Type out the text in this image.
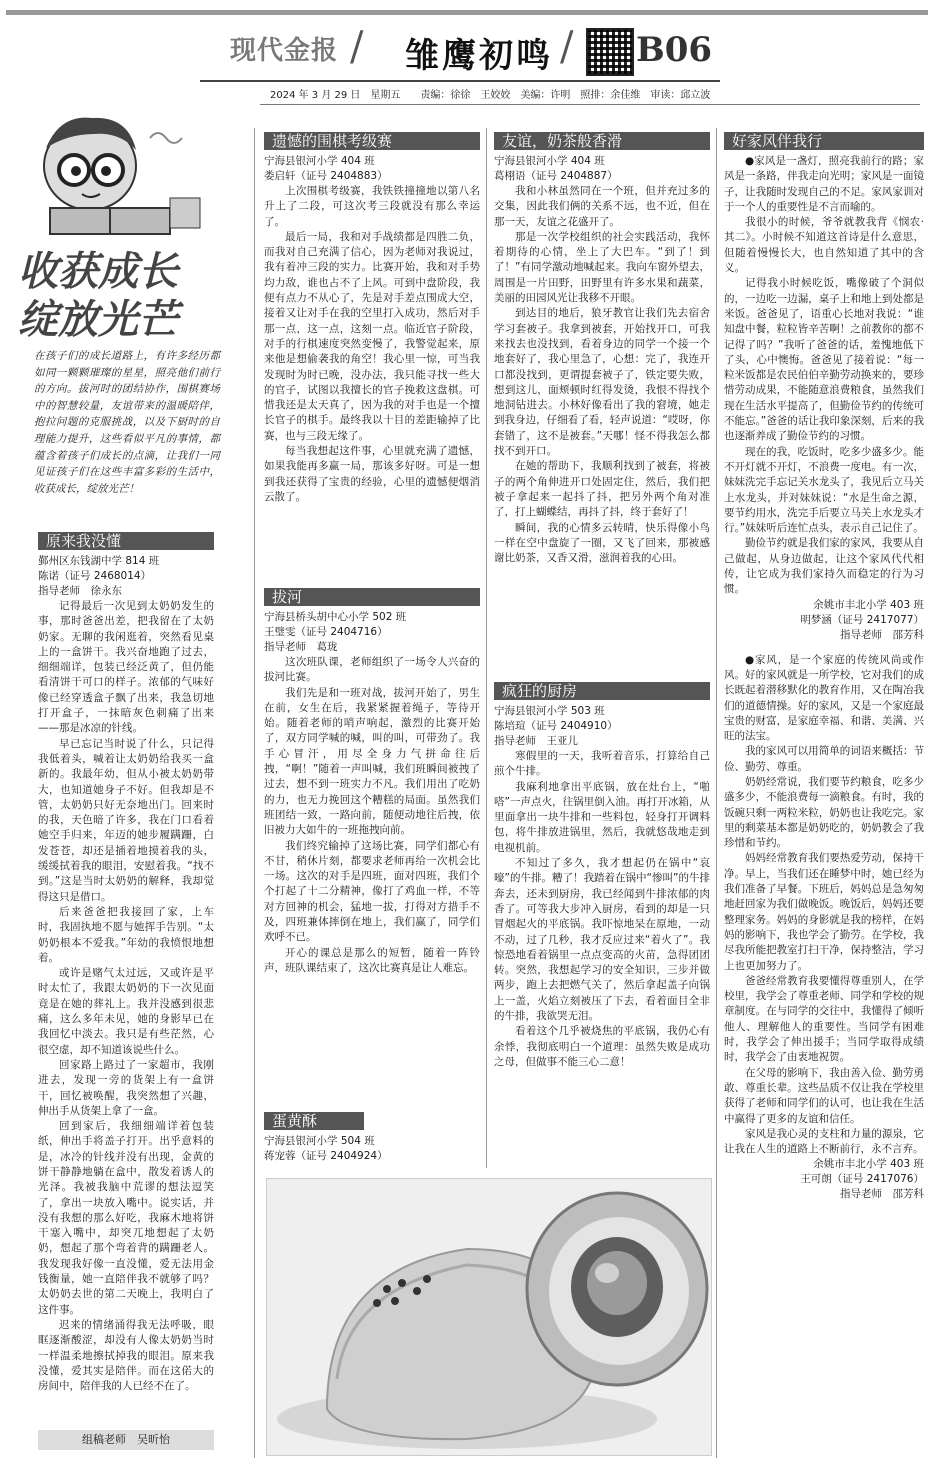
现代金报 / 雏鹰初鸣 / B06
2024 年 3 月 29 日　星期五　　责编：徐徐　王姣姣　美编：许明　照排：余佳维　审读：邱立波
收获成长
绽放光芒
在孩子们的成长道路上，有许多经历都如同一颗颗璀璨的星星，照亮他们前行的方向。拔河时的团结协作，围棋赛场中的智慧较量，友谊带来的温暖陪伴，抱拉问题的克服挑战，以及下厨时的自理能力提升，这些看似平凡的事情，都蕴含着孩子们成长的点滴，让我们一同见证孩子们在这些丰富多彩的生活中，收获成长，绽放光芒！
原来我没懂
鄞州区东钱湖中学 814 班
陈诺（证号 2468014）
指导老师　徐永东

记得最后一次见到太奶奶发生的事，那时爸爸出差，把我留在了太奶奶家。无聊的我闲逛着，突然看见桌上的一盒饼干。我兴奋地跑了过去，细细端详，包装已经泛黄了，但仍能看清饼干可口的样子。浓郁的气味好像已经穿透盒子飘了出来，我急切地打开盒子，一抹暗灰色刺痛了出来——那是冰凉的针线。

早已忘记当时说了什么，只记得我低着头，喊着让太奶奶给我买一盒新的。我最年幼，但从小被太奶奶带大，也知道她身子不好。但我却是不管，太奶奶只好无奈地出门。回来时的我，天色暗了许多，我在门口看着她空手归来，年迈的她步履蹒跚，白发苍苍，却还是插着地摸着我的头，缓缓拭着我的眼泪，安慰着我。“找不到。”这是当时太奶奶的解释，我却觉得这只是借口。

后来爸爸把我接回了家，上车时，我固执地不愿与她挥手告别。“太奶奶根本不爱我。”年幼的我愤恨地想着。

或许是赌气太过远，又或许是平时太忙了，我跟太奶奶的下一次见面竟是在她的葬礼上。我并没感到很悲痛，这么多年未见，她的身影早已在我回忆中淡去。我只是有些茫然，心很空虚，却不知道该说些什么。

回家路上路过了一家超市，我刚进去，发现一旁的货架上有一盒饼干，回忆被唤醒，我突然想了兴趣，伸出手从货架上拿了一盒。

回到家后，我细细端详着包装纸，伸出手将盖子打开。出乎意料的是，冰冷的针线并没有出现，金黄的饼干静静地躺在盒中，散发着诱人的光泽。我被我脑中荒谬的想法逗笑了，拿出一块放入嘴中。说实话，并没有我想的那么好吃，我麻木地将饼干塞入嘴中，却突兀地想起了太奶奶，想起了那个弯着背的蹒跚老人。我发现我好像一直没懂，爱无法用金钱衡量，她一直陪伴我不就够了吗？太奶奶去世的第二天晚上，我明白了这件事。

迟来的情绪涌得我无法呼吸，眼眶逐渐酸涩，却没有人像太奶奶当时一样温柔地擦拭掉我的眼泪。原来我没懂，爱其实是陪伴。而在这偌大的房间中，陪伴我的人已经不在了。

组稿老师　吴昕怡
遗憾的围棋考级赛
宁海县银河小学 404 班
娄启轩（证号 2404883）

上次围棋考级赛，我铁铁撞撞地以第八名升上了二段，可这次考三段就没有那么幸运了。

最后一局，我和对手战绩都是四胜二负，而我对自己充满了信心，因为老师对我说过，我有着冲三段的实力。比赛开始，我和对手势均力敌，谁也占不了上风。可到中盘阶段，我便有点力不从心了，先是对手差点围成大空，接着又让对手在我的空里打入成功，然后对手那一点，这一点，这刻一点。临近官子阶段，对手的行棋速度突然变慢了，我警觉起来，原来他是想偷袭我的角空！我心里一惊，可当我发现时为时已晚，没办法，我只能寻找一些大的官子，试图以我擅长的官子挽救这盘棋。可惜我还是太天真了，因为我的对手也是一个擅长官子的棋手。最终我以十目的差距输掉了比赛，也与三段无缘了。

每当我想起这件事，心里就充满了遗憾，如果我能再多赢一局，那该多好呀。可是一想到我还获得了宝贵的经验，心里的遗憾便烟消云散了。

拔河
宁海县桥头胡中心小学 502 班
王璧雯（证号 2404716）
指导老师　葛珑

这次班队课，老师组织了一场令人兴奋的拔河比赛。

我们先是和一班对战，拔河开始了，男生在前，女生在后，我紧紧握着绳子，等待开始。随着老师的哨声响起，激烈的比赛开始了，双方同学喊的喊，叫的叫，可带劲了。我手心冒汗，用尽全身力气拼命往后拽，“啊！”随着一声叫喊，我们班瞬间被拽了过去，想不到一班实力不凡。我们用出了吃奶的力，也无力挽回这个糟糕的局面。虽然我们班团结一致，一路向前，随便动地往后拽，依旧被力大如牛的一班拖拽向前。

我们终究输掉了这场比赛，同学们都心有不甘，稍休片刻，都要求老师再给一次机会比一场。这次的对手是四班，面对四班，我们个个打起了十二分精神，像打了鸡血一样，不等对方回神的机会，猛地一拔，打得对方措手不及，四班兼体摔倒在地上，我们赢了，同学们欢呼不已。

开心的课总是那么的短暂，随着一阵铃声，班队课结束了，这次比赛真是让人难忘。

友谊，奶茶般香滑
宁海县银河小学 404 班
葛栩语（证号 2404887）

我和小林虽然同在一个班，但并充过多的交集，因此我们俩的关系不远，也不近，但在那一天，友谊之花盛开了。

那是一次学校组织的社会实践活动，我怀着期待的心情，坐上了大巴车。“到了！到了！”有同学激动地喊起来。我向车窗外望去，周围是一片田野，田野里有许多水果和蔬菜，美丽的田园风光让我移不开眼。

到达目的地后，狼牙教官让我们先去宿舍学习套被子。我拿到被套，开始找开口，可我来找去也没找到，看着身边的同学一个接一个地套好了，我心里急了，心想：完了，我连开口都没找到，更谓提套被子了，铁定要失败，想到这儿，面颊顿时红得发烫，我恨不得找个地洞钻进去。小林好像看出了我的窘境，她走到我身边，仔细看了看，轻声说道：“哎呀，你套错了，这不是被套。”天哪！怪不得我怎么都找不到开口。

在她的帮助下，我顺利找到了被套，将被子的两个角伸进开口处固定住，然后，我们把被子拿起来一起抖了抖，把另外两个角对准了，打上蝴蝶结，再抖了抖，终于套好了！

瞬间，我的心情多云转晴，快乐得像小鸟一样在空中盘旋了一圈，又飞了回来，那被感谢比奶茶，又香又滑，滋润着我的心田。

疯狂的厨房
宁海县银河小学 503 班
陈培瑄（证号 2404910）
指导老师　王亚儿

寒假里的一天，我听着音乐，打算给自己煎个牛排。

我麻利地拿出平底锅，放在灶台上，“啪嗒”一声点火，往锅里倒入油。再打开冰箱，从里面拿出一块牛排和一些料包，轻身打开调料包，将牛排放进锅里，然后，我就悠哉地走到电视机前。

不知过了多久，我才想起仍在锅中“哀嚎”的牛排。糟了！我踏着在锅中“惨叫”的牛排奔去，还未到厨房，我已经闻到牛排浓郁的肉香了。可等我大步冲入厨房，看到的却是一只冒烟起火的平底锅。我吓惊地呆在原地，一动不动，过了几秒，我才反应过来“着火了”。我惊恐地看着锅里一点点变高的火苗，急得团团转。突然，我想起学习的安全知识，三步并做两步，跑上去把燃气关了，然后拿起盖子向锅上一盖，火焰立刻被压了下去，看着面目全非的牛排，我欲哭无泪。

看着这个几乎被烧焦的平底锅，我仍心有余悸，我彻底明白一个道理：虽然失败是成功之母，但做事不能三心二意！

蛋黄酥
宁海县银河小学 504 班
蒋宠蓉（证号 2404924）
好家风伴我行

●家风是一盏灯，照亮我前行的路；家风是一条路，伴我走向光明；家风是一面镜子，让我随时发现自己的不足。家风家训对于一个人的重要性是不言而喻的。

我很小的时候，爷爷就教我背《悯农·其二》。小时候不知道这首诗是什么意思，但随着慢慢长大，也自然知道了其中的含义。

记得我小时候吃饭，嘴像破了个洞似的，一边吃一边漏，桌子上和地上到处都是米饭。爸爸见了，语重心长地对我说：“谁知盘中餐，粒粒皆辛苦啊！之前教你的都不记得了吗？”我听了爸爸的话，羞愧地低下了头，心中懊悔。爸爸见了接着说：“每一粒米饭都是农民伯伯辛勤劳动换来的，要珍惜劳动成果，不能随意浪费粮食，虽然我们现在生活水平提高了，但勤俭节约的传统可不能忘。”爸爸的话让我印象深刻，后来的我也逐渐养成了勤俭节约的习惯。

现在的我，吃饭时，吃多少盛多少。能不开灯就不开灯，不浪费一度电。有一次，妹妹洗完手忘记关水龙头了，我见后立马关上水龙头，并对妹妹说：“水是生命之源，要节约用水，洗完手后要立马关上水龙头才行。”妹妹听后连忙点头，表示自己记住了。

勤俭节约就是我们家的家风，我要从自己做起，从身边做起，让这个家风代代相传，让它成为我们家持久而稳定的行为习惯。

余姚市丰北小学 403 班
明梦涵（证号 2417077）
指导老师　邵芳科

●家风，是一个家庭的传统风尚或作风。好的家风就是一所学校，它对我们的成长既起着潜移默化的教育作用，又在陶冶我们的道德情操。好的家风，又是一个家庭最宝贵的财富，是家庭幸福、和谐、美满、兴旺的法宝。

我的家风可以用简单的词语来概括：节俭、勤劳、尊重。

奶奶经常说，我们要节约粮食，吃多少盛多少，不能浪费每一滴粮食。有时，我的饭碗只剩一两粒米粒，奶奶也让我吃完。家里的剩菜基本都是奶奶吃的，奶奶教会了我珍惜和节约。

妈妈经常教育我们要热爱劳动，保持干净。早上，当我们还在睡梦中时，她已经为我们准备了早餐。下班后，妈妈总是急匆匆地赶回家为我们做晚饭。晚饭后，妈妈还要整理家务。妈妈的身影就是我的榜样，在妈妈的影响下，我也学会了勤劳。在学校，我尽我所能把教室打扫干净，保持整洁，学习上也更加努力了。

爸爸经常教育我要懂得尊重别人，在学校里，我学会了尊重老师、同学和学校的规章制度。在与同学的交往中，我懂得了倾听他人、理解他人的重要性。当同学有困难时，我学会了伸出援手；当同学取得成绩时，我学会了由衷地祝贺。

在父母的影响下，我由善入俭、勤劳勇敢、尊重长辈。这些品质不仅让我在学校里获得了老师和同学们的认可，也让我在生活中赢得了更多的友谊和信任。

家风是我心灵的支柱和力量的源泉，它让我在人生的道路上不断前行，永不言弃。

余姚市丰北小学 403 班
王可朗（证号 2417076）
指导老师　邵芳科
